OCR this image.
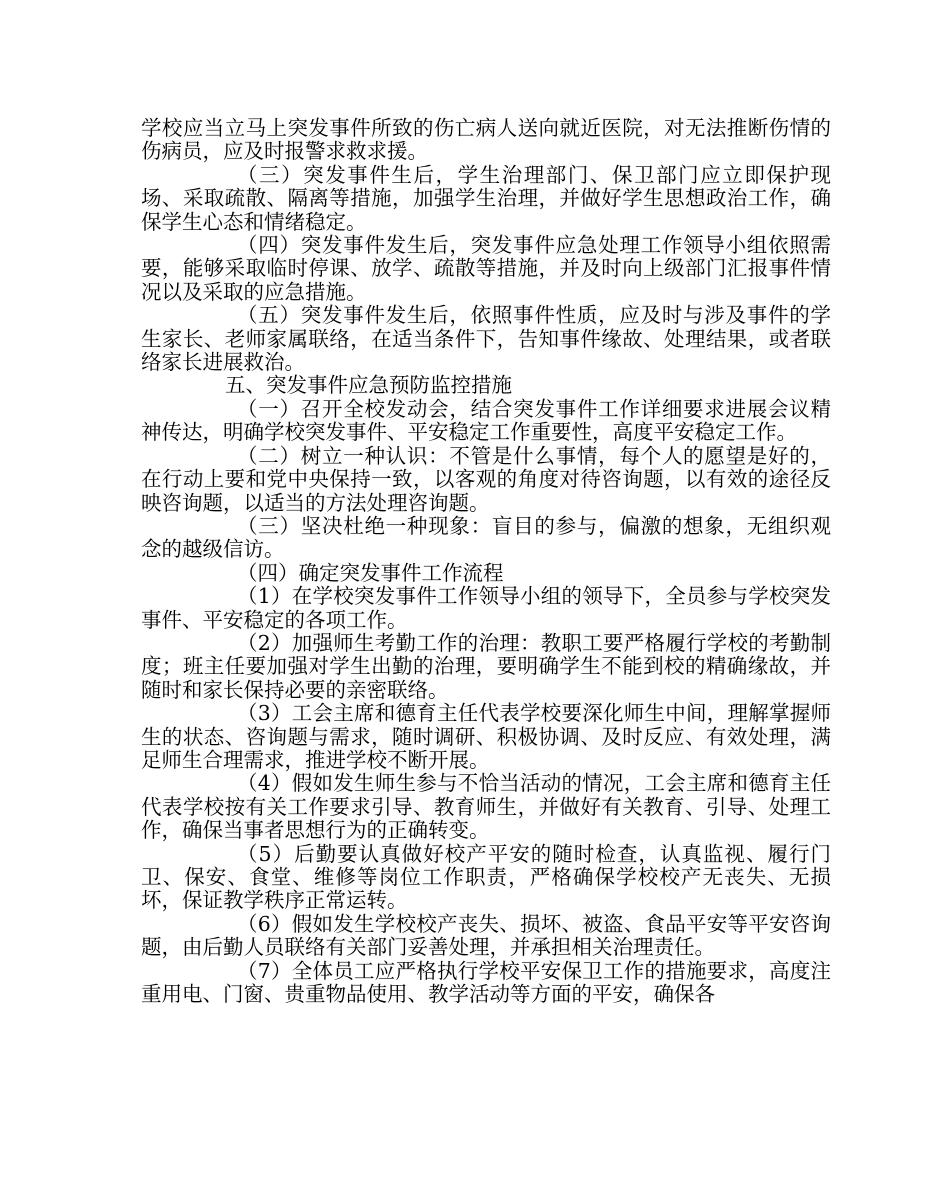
学校应当立马上突发事件所致的伤亡病人送向就近医院，对无法推断伤情的伤病员，应及时报警求救求援。

（三）突发事件生后，学生治理部门、保卫部门应立即保护现场、采取疏散、隔离等措施，加强学生治理，并做好学生思想政治工作，确保学生心态和情绪稳定。

（四）突发事件发生后，突发事件应急处理工作领导小组依照需要，能够采取临时停课、放学、疏散等措施，并及时向上级部门汇报事件情况以及采取的应急措施。

（五）突发事件发生后，依照事件性质，应及时与涉及事件的学生家长、老师家属联络，在适当条件下，告知事件缘故、处理结果，或者联络家长进展救治。

五、突发事件应急预防监控措施

（一）召开全校发动会，结合突发事件工作详细要求进展会议精神传达，明确学校突发事件、平安稳定工作重要性，高度平安稳定工作。

（二）树立一种认识：不管是什么事情，每个人的愿望是好的，在行动上要和党中央保持一致，以客观的角度对待咨询题，以有效的途径反映咨询题，以适当的方法处理咨询题。

（三）坚决杜绝一种现象：盲目的参与，偏激的想象，无组织观念的越级信访。

（四）确定突发事件工作流程

（1）在学校突发事件工作领导小组的领导下，全员参与学校突发事件、平安稳定的各项工作。

（2）加强师生考勤工作的治理：教职工要严格履行学校的考勤制度；班主任要加强对学生出勤的治理，要明确学生不能到校的精确缘故，并随时和家长保持必要的亲密联络。

（3）工会主席和德育主任代表学校要深化师生中间，理解掌握师生的状态、咨询题与需求，随时调研、积极协调、及时反应、有效处理，满足师生合理需求，推进学校不断开展。

（4）假如发生师生参与不恰当活动的情况，工会主席和德育主任代表学校按有关工作要求引导、教育师生，并做好有关教育、引导、处理工作，确保当事者思想行为的正确转变。

（5）后勤要认真做好校产平安的随时检查，认真监视、履行门卫、保安、食堂、维修等岗位工作职责，严格确保学校校产无丧失、无损坏，保证教学秩序正常运转。

（6）假如发生学校校产丧失、损坏、被盗、食品平安等平安咨询题，由后勤人员联络有关部门妥善处理，并承担相关治理责任。

（7）全体员工应严格执行学校平安保卫工作的措施要求，高度注重用电、门窗、贵重物品使用、教学活动等方面的平安，确保各
